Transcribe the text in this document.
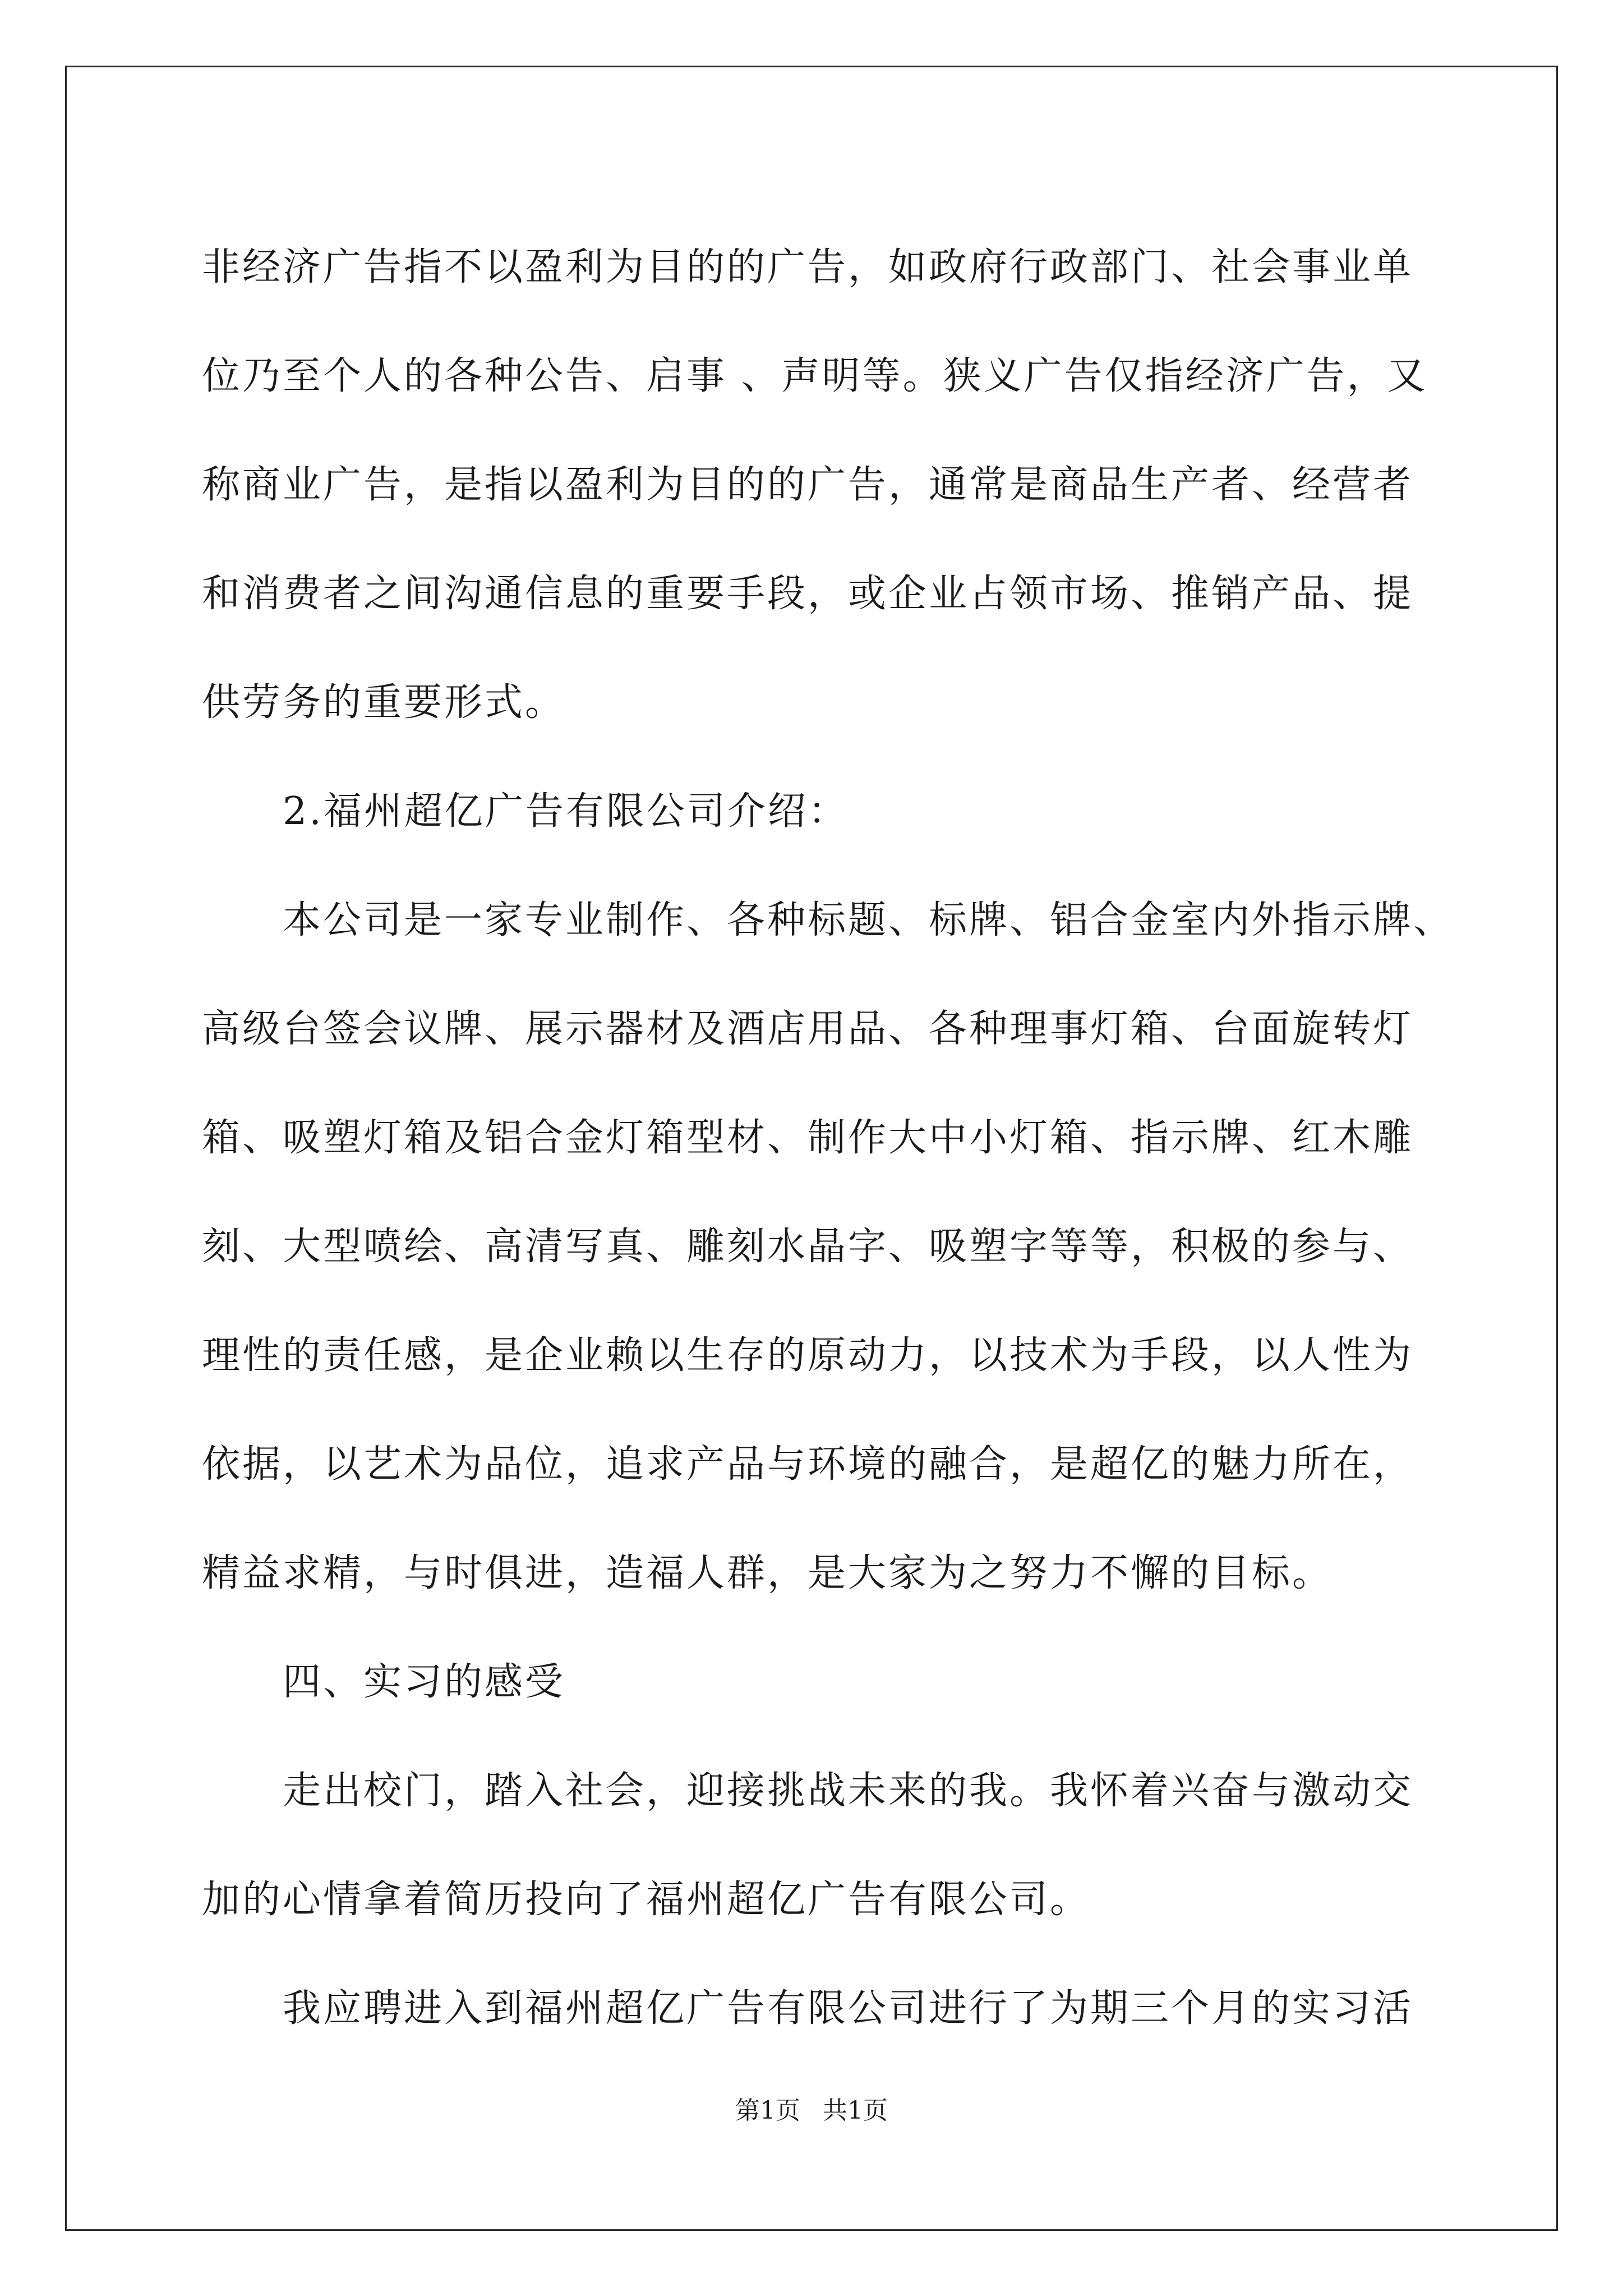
非经济广告指不以盈利为目的的广告，如政府行政部门、社会事业单
位乃至个人的各种公告、启事 、声明等。狭义广告仅指经济广告，又
称商业广告，是指以盈利为目的的广告，通常是商品生产者、经营者
和消费者之间沟通信息的重要手段，或企业占领市场、推销产品、提
供劳务的重要形式。
2.福州超亿广告有限公司介绍：
本公司是一家专业制作、各种标题、标牌、铝合金室内外指示牌、
高级台签会议牌、展示器材及酒店用品、各种理事灯箱、台面旋转灯
箱、吸塑灯箱及铝合金灯箱型材、制作大中小灯箱、指示牌、红木雕
刻、大型喷绘、高清写真、雕刻水晶字、吸塑字等等，积极的参与、
理性的责任感，是企业赖以生存的原动力，以技术为手段，以人性为
依据，以艺术为品位，追求产品与环境的融合，是超亿的魅力所在，
精益求精，与时俱进，造福人群，是大家为之努力不懈的目标。
四、实习的感受
走出校门，踏入社会，迎接挑战未来的我。我怀着兴奋与激动交
加的心情拿着简历投向了福州超亿广告有限公司。
我应聘进入到福州超亿广告有限公司进行了为期三个月的实习活
第1页 共1页
